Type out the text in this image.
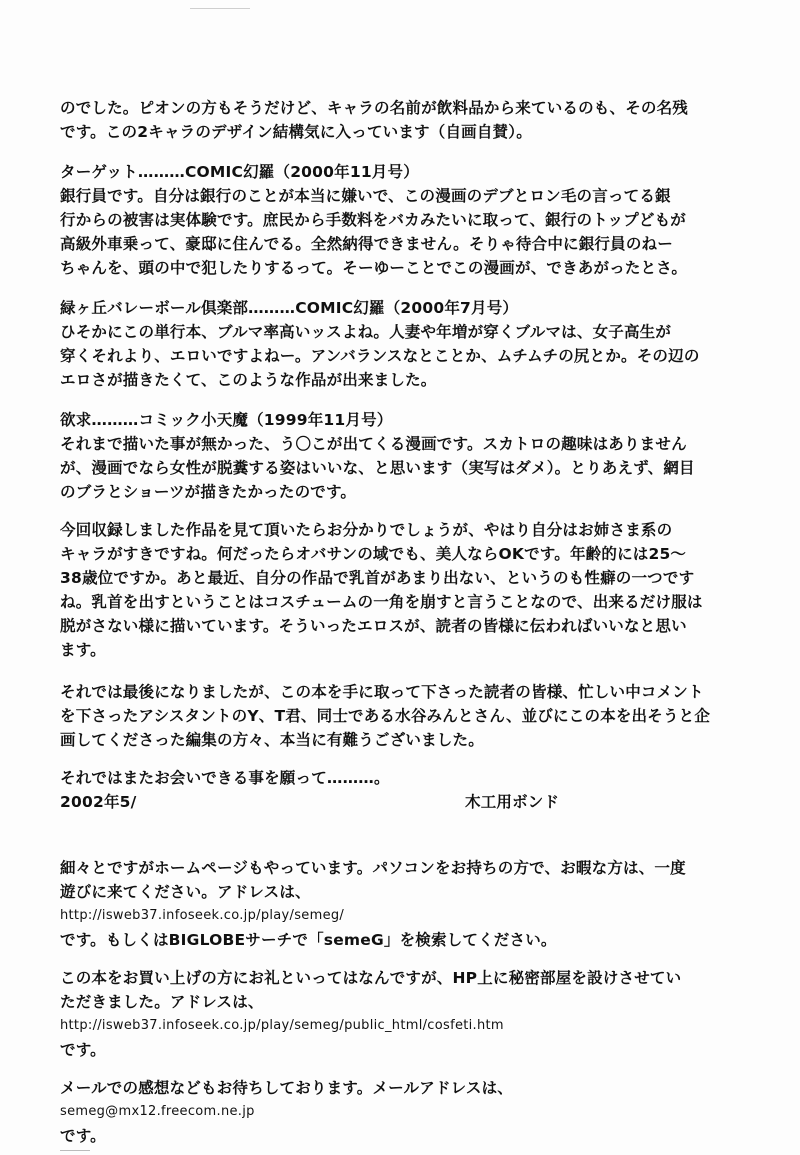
のでした。ピオンの方もそうだけど、キャラの名前が飲料品から来ているのも、その名残
です。この2キャラのデザイン結構気に入っています（自画自賛）。
ターゲット………COMIC幻羅（2000年11月号）
銀行員です。自分は銀行のことが本当に嫌いで、この漫画のデブとロン毛の言ってる銀
行からの被害は実体験です。庶民から手数料をバカみたいに取って、銀行のトップどもが
高級外車乗って、豪邸に住んでる。全然納得できません。そりゃ待合中に銀行員のねー
ちゃんを、頭の中で犯したりするって。そーゆーことでこの漫画が、できあがったとさ。
緑ヶ丘バレーボール倶楽部………COMIC幻羅（2000年7月号）
ひそかにこの単行本、ブルマ率高いッスよね。人妻や年増が穿くブルマは、女子高生が
穿くそれより、エロいですよねー。アンバランスなとことか、ムチムチの尻とか。その辺の
エロさが描きたくて、このような作品が出来ました。
欲求………コミック小天魔（1999年11月号）
それまで描いた事が無かった、う〇こが出てくる漫画です。スカトロの趣味はありません
が、漫画でなら女性が脱糞する姿はいいな、と思います（実写はダメ）。とりあえず、網目
のブラとショーツが描きたかったのです。
今回収録しました作品を見て頂いたらお分かりでしょうが、やはり自分はお姉さま系の
キャラがすきですね。何だったらオバサンの域でも、美人ならOKです。年齢的には25〜
38歳位ですか。あと最近、自分の作品で乳首があまり出ない、というのも性癖の一つです
ね。乳首を出すということはコスチュームの一角を崩すと言うことなので、出来るだけ服は
脱がさない様に描いています。そういったエロスが、読者の皆様に伝わればいいなと思い
ます。
それでは最後になりましたが、この本を手に取って下さった読者の皆様、忙しい中コメント
を下さったアシスタントのY、T君、同士である水谷みんとさん、並びにこの本を出そうと企
画してくださった編集の方々、本当に有難うございました。
それではまたお会いできる事を願って………。
2002年5/	木工用ボンド
細々とですがホームページもやっています。パソコンをお持ちの方で、お暇な方は、一度
遊びに来てください。アドレスは、
http://isweb37.infoseek.co.jp/play/semeg/
です。もしくはBIGLOBEサーチで「semeG」を検索してください。
この本をお買い上げの方にお礼といってはなんですが、HP上に秘密部屋を設けさせてい
ただきました。アドレスは、
http://isweb37.infoseek.co.jp/play/semeg/public_html/cosfeti.htm
です。
メールでの感想などもお待ちしております。メールアドレスは、
semeg@mx12.freecom.ne.jp
です。
